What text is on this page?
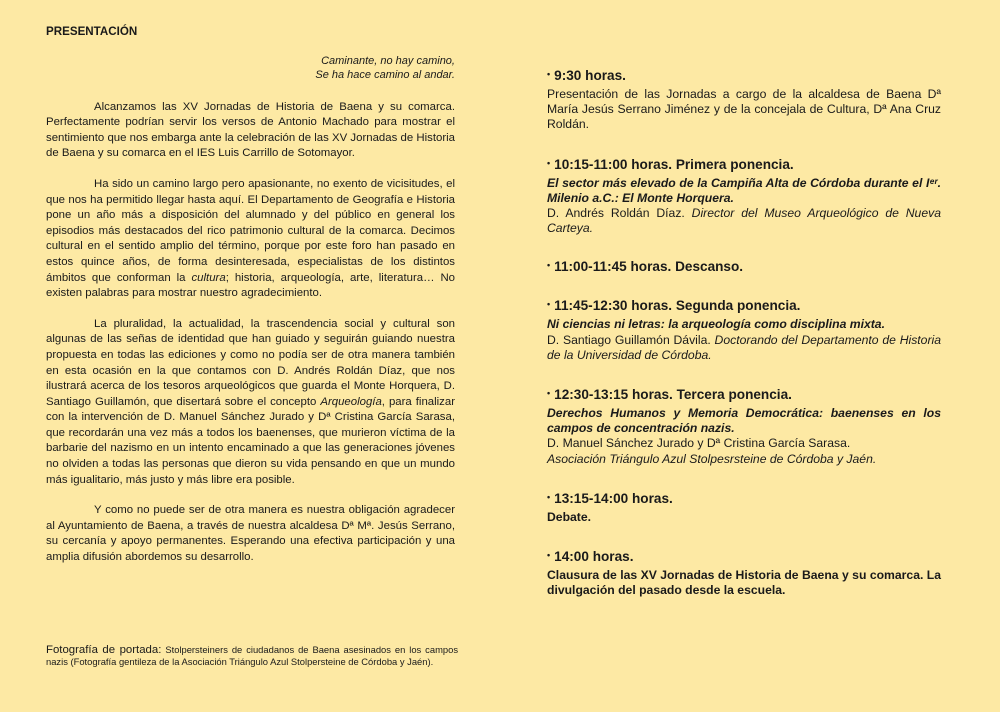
PRESENTACIÓN

Caminante, no hay camino,
Se ha hace camino al andar.

Alcanzamos las XV Jornadas de Historia de Baena y su comarca. Perfectamente podrían servir los versos de Antonio Machado para mostrar el sentimiento que nos embarga ante la celebración de las XV Jornadas de Historia de Baena y su comarca en el IES Luis Carrillo de Sotomayor.

Ha sido un camino largo pero apasionante, no exento de vicisitudes, el que nos ha permitido llegar hasta aquí. El Departamento de Geografía e Historia pone un año más a disposición del alumnado y del público en general los episodios más destacados del rico patrimonio cultural de la comarca. Decimos cultural en el sentido amplio del término, porque por este foro han pasado en estos quince años, de forma desinteresada, especialistas de los distintos ámbitos que conforman la cultura; historia, arqueología, arte, literatura… No existen palabras para mostrar nuestro agradecimiento.

La pluralidad, la actualidad, la trascendencia social y cultural son algunas de las señas de identidad que han guiado y seguirán guiando nuestra propuesta en todas las ediciones y como no podía ser de otra manera también en esta ocasión en la que contamos con D. Andrés Roldán Díaz, que nos ilustrará acerca de los tesoros arqueológicos que guarda el Monte Horquera, D. Santiago Guillamón, que disertará sobre el concepto Arqueología, para finalizar con la intervención de D. Manuel Sánchez Jurado y Dª Cristina García Sarasa, que recordarán una vez más a todos los baenenses, que murieron víctima de la barbarie del nazismo en un intento encaminado a que las generaciones jóvenes no olviden a todas las personas que dieron su vida pensando en que un mundo más igualitario, más justo y más libre era posible.

Y como no puede ser de otra manera es nuestra obligación agradecer al Ayuntamiento de Baena, a través de nuestra alcaldesa Dª Mª. Jesús Serrano, su cercanía y apoyo permanentes. Esperando una efectiva participación y una amplia difusión abordemos su desarrollo.

Fotografía de portada: Stolpersteiners de ciudadanos de Baena asesinados en los campos nazis (Fotografía gentileza de la Asociación Triángulo Azul Stolpersteine de Córdoba y Jaén).

• 9:30 horas.

Presentación de las Jornadas a cargo de la alcaldesa de Baena Dª María Jesús Serrano Jiménez y de la concejala de Cultura, Dª Ana Cruz Roldán.

• 10:15-11:00 horas. Primera ponencia.

El sector más elevado de la Campiña Alta de Córdoba durante el Iᵉʳ. Milenio a.C.: El Monte Horquera.

D. Andrés Roldán Díaz. Director del Museo Arqueológico de Nueva Carteya.

• 11:00-11:45 horas. Descanso.

• 11:45-12:30 horas. Segunda ponencia.

Ni ciencias ni letras: la arqueología como disciplina mixta.

D. Santiago Guillamón Dávila. Doctorando del Departamento de Historia de la Universidad de Córdoba.

• 12:30-13:15 horas. Tercera ponencia.

Derechos Humanos y Memoria Democrática: baenenses en los campos de concentración nazis.

D. Manuel Sánchez Jurado y Dª Cristina García Sarasa.

Asociación Triángulo Azul Stolpesrsteine de Córdoba y Jaén.

• 13:15-14:00 horas.

Debate.

• 14:00 horas.

Clausura de las XV Jornadas de Historia de Baena y su comarca. La divulgación del pasado desde la escuela.
